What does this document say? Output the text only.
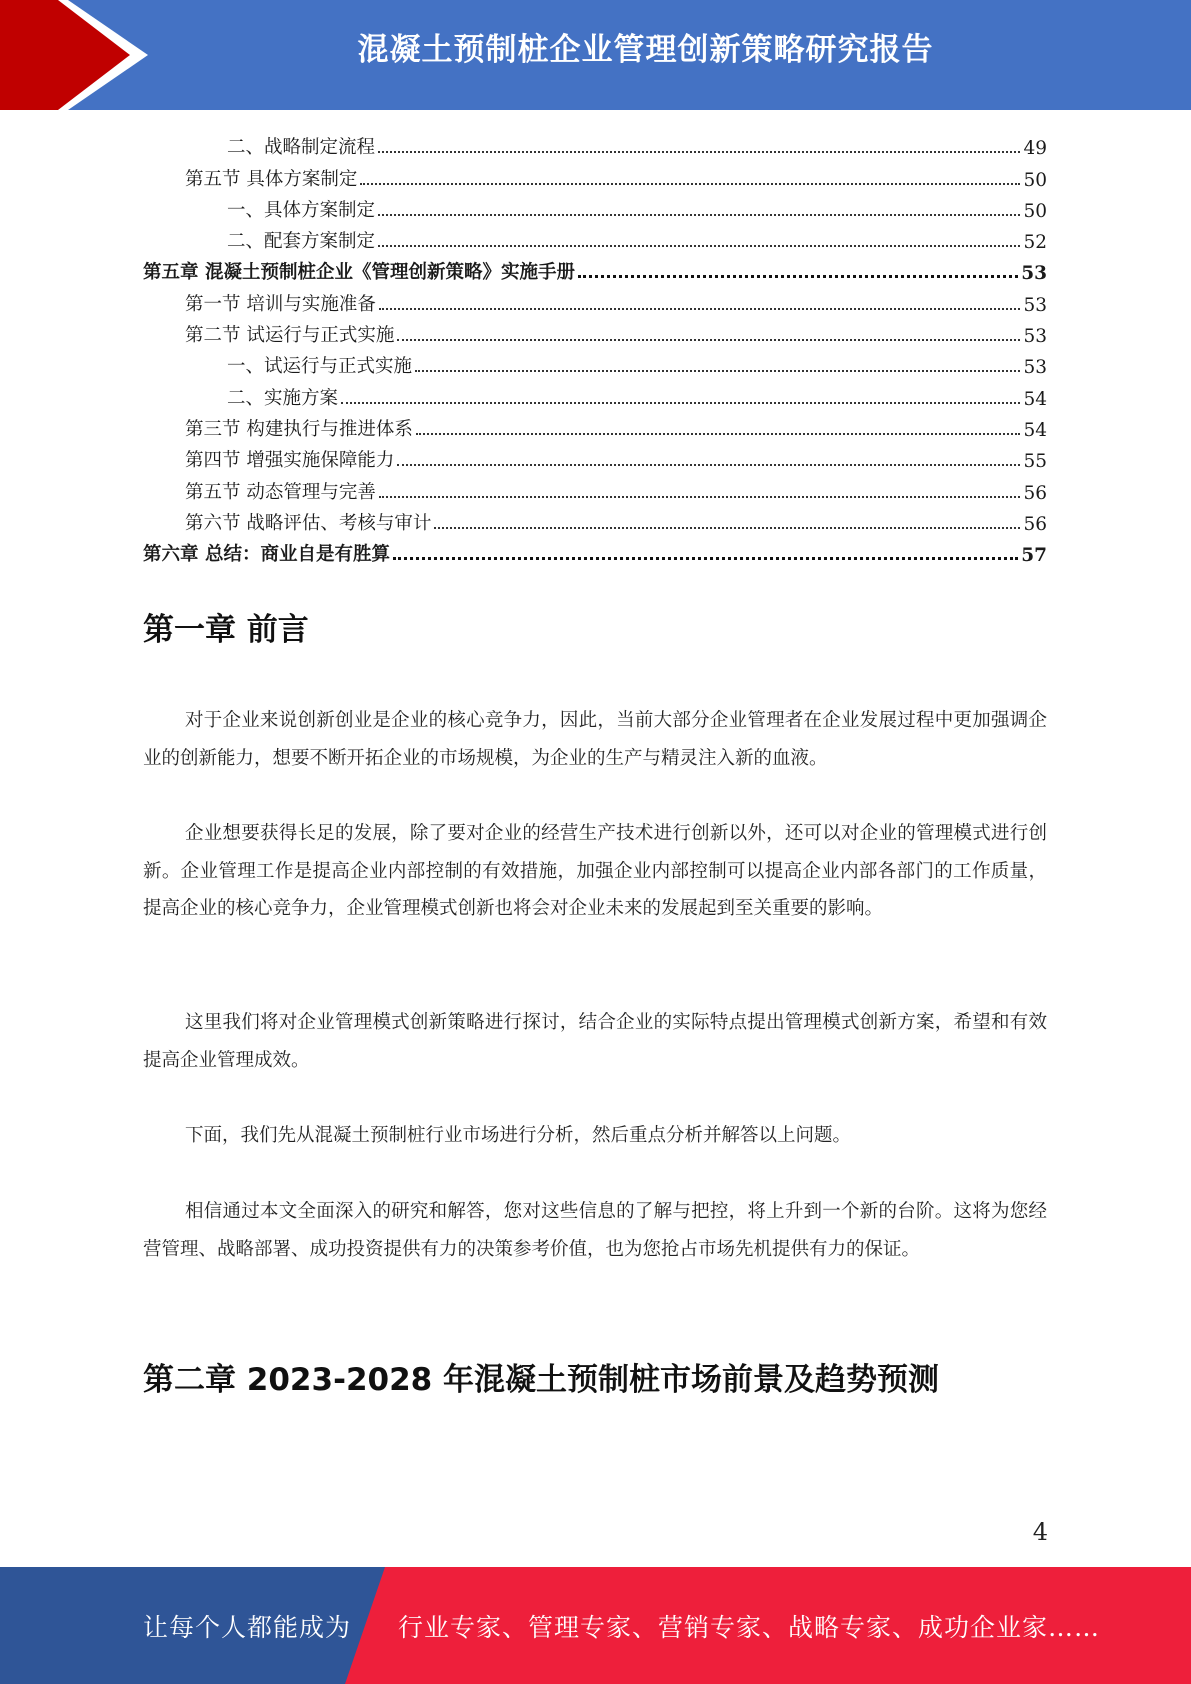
混凝土预制桩企业管理创新策略研究报告
二、战略制定流程	49
第五节 具体方案制定	50
一、具体方案制定	50
二、配套方案制定	52
第五章 混凝土预制桩企业《管理创新策略》实施手册	53
第一节 培训与实施准备	53
第二节 试运行与正式实施	53
一、试运行与正式实施	53
二、实施方案	54
第三节 构建执行与推进体系	54
第四节 增强实施保障能力	55
第五节 动态管理与完善	56
第六节 战略评估、考核与审计	56
第六章 总结：商业自是有胜算	57
第一章 前言

对于企业来说创新创业是企业的核心竞争力，因此，当前大部分企业管理者在企业发展过程中更加强调企业的创新能力，想要不断开拓企业的市场规模，为企业的生产与精灵注入新的血液。

企业想要获得长足的发展，除了要对企业的经营生产技术进行创新以外，还可以对企业的管理模式进行创新。企业管理工作是提高企业内部控制的有效措施，加强企业内部控制可以提高企业内部各部门的工作质量，提高企业的核心竞争力，企业管理模式创新也将会对企业未来的发展起到至关重要的影响。

这里我们将对企业管理模式创新策略进行探讨，结合企业的实际特点提出管理模式创新方案，希望和有效提高企业管理成效。

下面，我们先从混凝土预制桩行业市场进行分析，然后重点分析并解答以上问题。

相信通过本文全面深入的研究和解答，您对这些信息的了解与把控，将上升到一个新的台阶。这将为您经营管理、战略部署、成功投资提供有力的决策参考价值，也为您抢占市场先机提供有力的保证。

第二章 2023-2028 年混凝土预制桩市场前景及趋势预测
4
让每个人都能成为 行业专家、管理专家、营销专家、战略专家、成功企业家……
